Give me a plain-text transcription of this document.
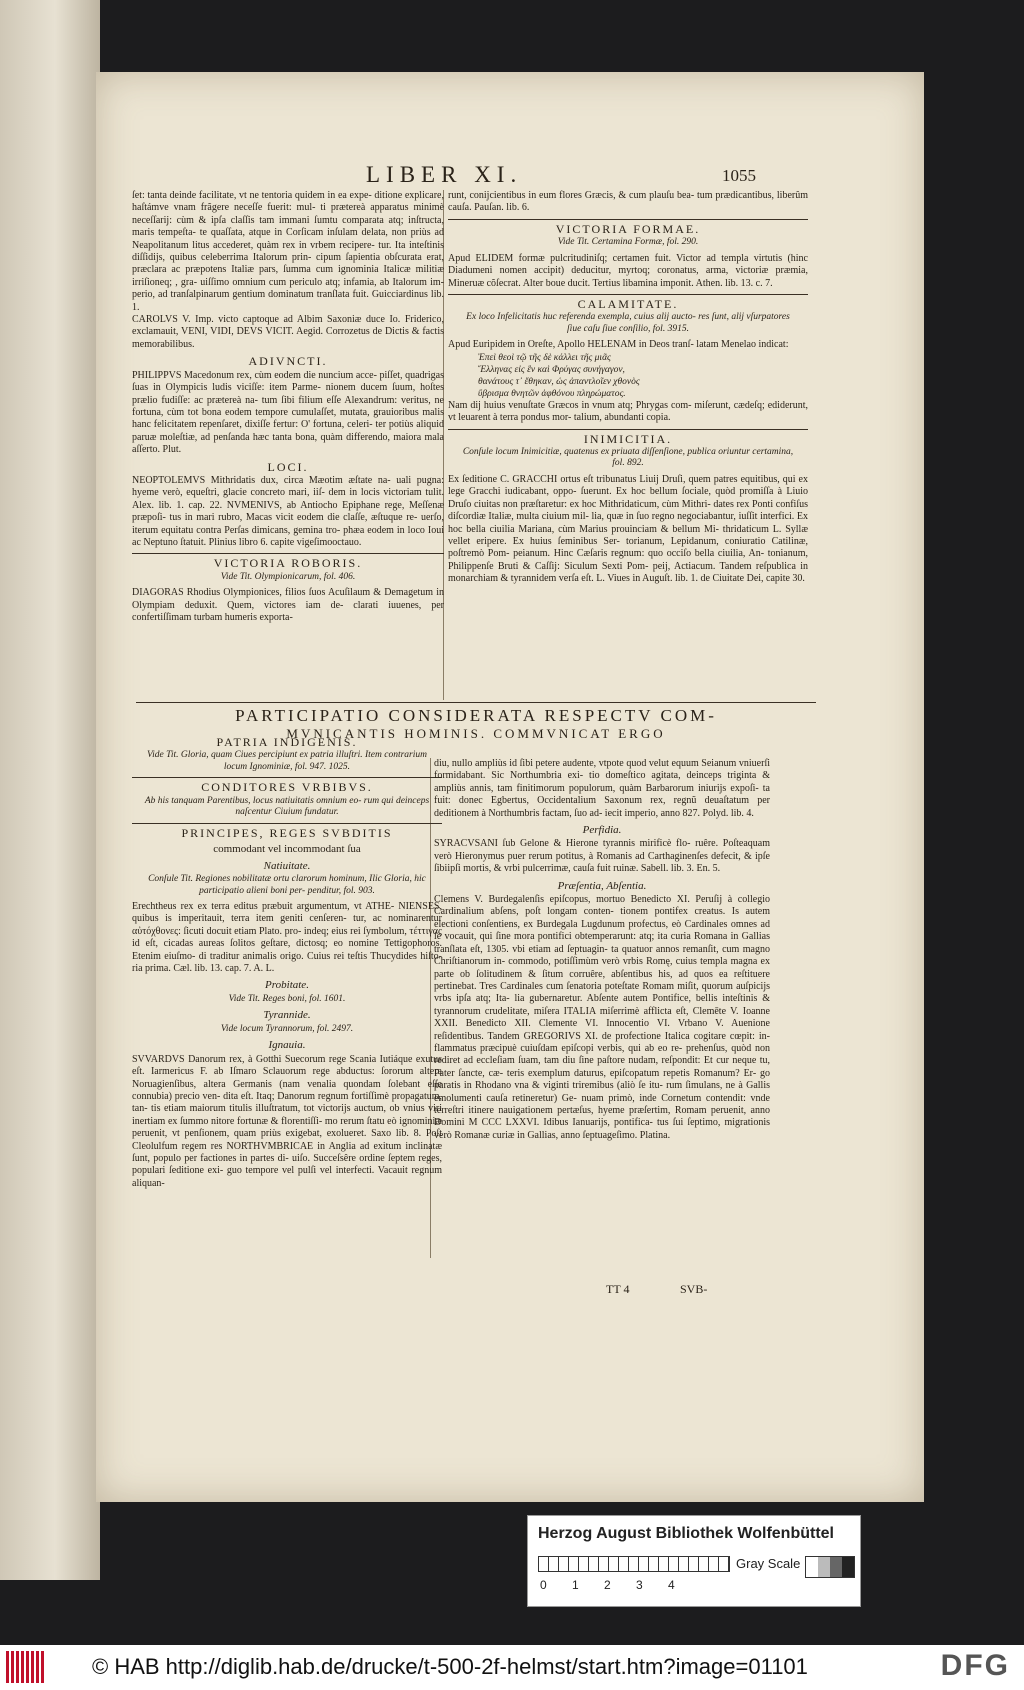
LIBER XI.	1055

ſet: tanta deinde facilitate, vt ne tentoria quidem in ea expe- ditione explicare, haſtámve vnam frãgere neceſſe fuerit: mul- ti prætereà apparatus minimè neceſſarij: cùm & ipſa claſſis tam immani ſumtu comparata atq; inſtructa, maris tempeſta- te quaſſata, atque in Corſicam inſulam delata, non priùs ad Neapolitanum litus accederet, quàm rex in vrbem recipere- tur. Ita inteſtinis diſſidijs, quibus celeberrima Italorum prin- cipum ſapientia obſcurata erat, præclara ac præpotens Italiæ pars, ſumma cum ignominia Italicæ militiæ irriſioneq; , gra- uiſſimo omnium cum periculo atq; infamia, ab Italorum im- perio, ad tranſalpinarum gentium dominatum tranſlata fuit. Guicciardinus lib. 1.

CAROLVS V. Imp. victo captoque ad Albim Saxoniæ duce Io. Friderico, exclamauit, VENI, VIDI, DEVS VICIT. Aegid. Corrozetus de Dictis & factis memorabilibus.

ADIVNCTI.

PHILIPPVS Macedonum rex, cùm eodem die nuncium acce- piſſet, quadrigas ſuas in Olympicis ludis viciſſe: item Parme- nionem ducem ſuum, hoſtes prælio fudiſſe: ac prætereà na- tum ſibi filium eſſe Alexandrum: veritus, ne fortuna, cùm tot bona eodem tempore cumulaſſet, mutata, grauioribus malis hanc felicitatem repenſaret, dixiſſe fertur: O' fortuna, celeri- ter potiùs aliquid paruæ moleſtiæ, ad penſanda hæc tanta bona, quàm differendo, maiora mala aſſerto. Plut.

LOCI.

NEOPTOLEMVS Mithridatis dux, circa Mæotim æſtate na- uali pugna: hyeme verò, equeſtri, glacie concreto mari, iiſ- dem in locis victoriam tulit. Alex. lib. 1. cap. 22. NVMENIVS, ab Antiocho Epiphane rege, Meſſenæ præpoſi- tus in mari rubro, Macas vicit eodem die claſſe, æſtuque re- uerſo, iterum equitatu contra Perſas dimicans, gemina tro- phæa eodem in loco Ioui ac Neptuno ſtatuit. Plinius libro 6. capite vigeſimooctauo.

VICTORIA ROBORIS.
Vide Tit. Olympionicarum, fol. 406.

DIAGORAS Rhodius Olympionices, filios ſuos Acuſilaum & Demagetum in Olympiam deduxit. Quem, victores iam de- clarati iuuenes, per confertiſſimam turbam humeris exporta-

runt, conijcientibus in eum flores Græcis, & cum plauſu bea- tum prædicantibus, liberûm cauſa. Pauſan. lib. 6.

VICTORIA FORMAE.
Vide Tit. Certamina Formæ, fol. 290.

Apud ELIDEM formæ pulcritudiniſq; certamen fuit. Victor ad templa virtutis (hinc Diadumeni nomen accipit) deducitur, myrtoq; coronatus, arma, victoriæ præmia, Mineruæ cõſecrat. Alter boue ducit. Tertius libamina imponit. Athen. lib. 13. c. 7.

CALAMITATE.
Ex loco Infelicitatis huc referenda exempla, cuius alij aucto- res ſunt, alij vſurpatores ſiue caſu ſiue conſilio, fol. 3915.

Apud Euripidem in Oreſte, Apollo HELENAM in Deos tranſ- latam Menelao indicat:

Ἐπεὶ θεοὶ τῷ τῆς δὲ κάλλει τῆς μιᾶς
Ἕλληνας εἰς ἓν καὶ Φρύγας συνήγαγον,
θανάτους τ᾽ ἔθηκαν, ὡς ἀπαντλοῖεν χθονὸς
ὕβρισμα θνητῶν ἀφθόνου πληρώματος.

Nam dij huius venuſtate Græcos in vnum atq; Phrygas com- miſerunt, cædeſq; ediderunt, vt leuarent à terra pondus mor- talium, abundanti copia.

INIMICITIA.
Conſule locum Inimicitiæ, quatenus ex priuata diſſenſione, publica oriuntur certamina, fol. 892.

Ex ſeditione C. GRACCHI ortus eſt tribunatus Liuij Druſi, quem patres equitibus, qui ex lege Gracchi iudicabant, oppo- ſuerunt. Ex hoc bellum ſociale, quòd promiſſa à Liuio Druſo ciuitas non præſtaretur: ex hoc Mithridaticum, cùm Mithri- dates rex Ponti confiſus diſcordiæ Italiæ, multa ciuium mil- lia, quæ in ſuo regno negociabantur, iuſſit interfici. Ex hoc bella ciuilia Mariana, cùm Marius prouinciam & bellum Mi- thridaticum L. Syllæ vellet eripere. Ex huius ſeminibus Ser- torianum, Lepidanum, coniuratio Catilinæ, poſtremò Pom- peianum. Hinc Cæſaris regnum: quo occiſo bella ciuilia, An- tonianum, Philippenſe Bruti & Caſſij: Siculum Sexti Pom- peij, Actiacum. Tandem reſpublica in monarchiam & tyrannidem verſa eſt. L. Viues in Auguſt. lib. 1. de Ciuitate Dei, capite 30.

PARTICIPATIO CONSIDERATA RESPECTV COM-
MVNICANTIS HOMINIS. COMMVNICAT ERGO
PATRIA INDIGENIS.
Vide Tit. Gloria, quam Ciues percipiunt ex patria illuſtri. Item contrarium locum Ignominiæ, fol. 947. 1025.
CONDITORES VRBIBVS.
Ab his tanquam Parentibus, locus natiuitatis omnium eo- rum qui deinceps naſcentur Ciuium fundatur.
PRINCIPES, REGES SVBDITIS
commodant vel incommodant ſua
Natiuitate.
Conſule Tit. Regiones nobilitatæ ortu clarorum hominum, Ilic Gloria, hic participatio alieni boni per- penditur, fol. 903.

Erechtheus rex ex terra editus præbuit argumentum, vt ATHE- NIENSES, quibus is imperitauit, terra item geniti cenſeren- tur, ac nominarentur αὐτόχθονες: ſicuti docuit etiam Plato. pro- indeq; eius rei ſymbolum, τέττιγας id eſt, cicadas aureas ſolitos geſtare, dictosq; eo nomine Tettigophoros. Etenim eiuſmo- di traditur animalis origo. Cuius rei teſtis Thucydides hiſto- ria prima. Cæl. lib. 13. cap. 7. A. L.

Probitate.
Vide Tit. Reges boni, fol. 1601.
Tyrannide.
Vide locum Tyrannorum, fol. 2497.
Ignauia.

SVVARDVS Danorum rex, à Gotthi Suecorum rege Scania Iutiáque exutus eſt. Iarmericus F. ab Iſmaro Sclauorum rege abductus: ſororum altera Noruagienſibus, altera Germanis (nam venalia quondam ſolebant eſſe connubia) precio ven- dita eſt. Itaq; Danorum regnum fortiſſimè propagatum, tan- tis etiam maiorum titulis illuſtratum, tot victorijs auctum, ob vnius viri inertiam ex ſummo nitore fortunæ & florentiſſi- mo rerum ſtatu eò ignominiæ peruenit, vt penſionem, quam priùs exigebat, exolueret. Saxo lib. 8. Poſt Cleolulfum regem res NORTHVMBRICAE in Anglia ad exitum inclinatæ ſunt, populo per factiones in partes di- uiſo. Succeſsêre ordine ſeptem reges, populari ſeditione exi- guo tempore vel pulſi vel interfecti. Vacauit regnum aliquan-

diu, nullo ampliùs id ſibi petere audente, vtpote quod velut equum Seianum vniuerſi formidabant. Sic Northumbria exi- tio domeſtico agitata, deinceps triginta & ampliùs annis, tam finitimorum populorum, quàm Barbarorum iniurijs expoſi- ta fuit: donec Egbertus, Occidentalium Saxonum rex, regnũ deuaſtatum per deditionem à Northumbris factam, ſuo ad- iecit imperio, anno 827. Polyd. lib. 4.

Perfidia.

SYRACVSANI ſub Gelone & Hierone tyrannis mirificè flo- ruêre. Poſteaquam verò Hieronymus puer rerum potitus, à Romanis ad Carthaginenſes defecit, & ipſe ſibiipſi mortis, & vrbi pulcerrimæ, cauſa fuit ruinæ. Sabell. lib. 3. En. 5.

Præſentia, Abſentia.

Clemens V. Burdegalenſis epiſcopus, mortuo Benedicto XI. Peruſij à collegio Cardinalium abſens, poſt longam conten- tionem pontifex creatus. Is autem electioni conſentiens, ex Burdegala Lugdunum profectus, eò Cardinales omnes ad ſe vocauit, qui ſine mora pontifici obtemperarunt: atq; ita curia Romana in Gallias tranſlata eſt, 1305. vbi etiam ad ſeptuagin- ta quatuor annos remanſit, cum magno Chriſtianorum in- commodo, potiſſimùm verò vrbis Romę, cuius templa magna ex parte ob ſolitudinem & ſitum corruêre, abſentibus his, ad quos ea reſtituere pertinebat. Tres Cardinales cum ſenatoria poteſtate Romam miſit, quorum auſpicijs vrbs ipſa atq; Ita- lia gubernaretur. Abſente autem Pontifice, bellis inteſtinis & tyrannorum crudelitate, miſera ITALIA miſerrimè afflicta eſt, Clemēte V. Ioanne XXII. Benedicto XII. Clemente VI. Innocentio VI. Vrbano V. Auenione reſidentibus. Tandem GREGORIVS XI. de profectione Italica cogitare cœpit: in- flammatus præcipuè cuiuſdam epiſcopi verbis, qui ab eo re- prehenſus, quòd non rediret ad eccleſiam ſuam, tam diu ſine paſtore nudam, reſpondit: Et cur neque tu, Pater ſancte, cæ- teris exemplum daturus, epiſcopatum repetis Romanum? Er- go paratis in Rhodano vna & viginti triremibus (aliò ſe itu- rum ſimulans, ne à Gallis emolumenti cauſa retineretur) Ge- nuam primò, inde Cornetum contendit: vnde terreſtri itinere nauigationem pertæſus, hyeme præſertim, Romam peruenit, anno Domini M CCC LXXVI. Idibus Ianuarijs, pontifica- tus ſui ſeptimo, migrationis verò Romanæ curiæ in Gallias, anno ſeptuageſimo. Platina.

TT 4	SVB-
Herzog August Bibliothek Wolfenbüttel
0 1 2 3 4
Gray Scale
© HAB http://diglib.hab.de/drucke/t-500-2f-helmst/start.htm?image=01101	DFG
